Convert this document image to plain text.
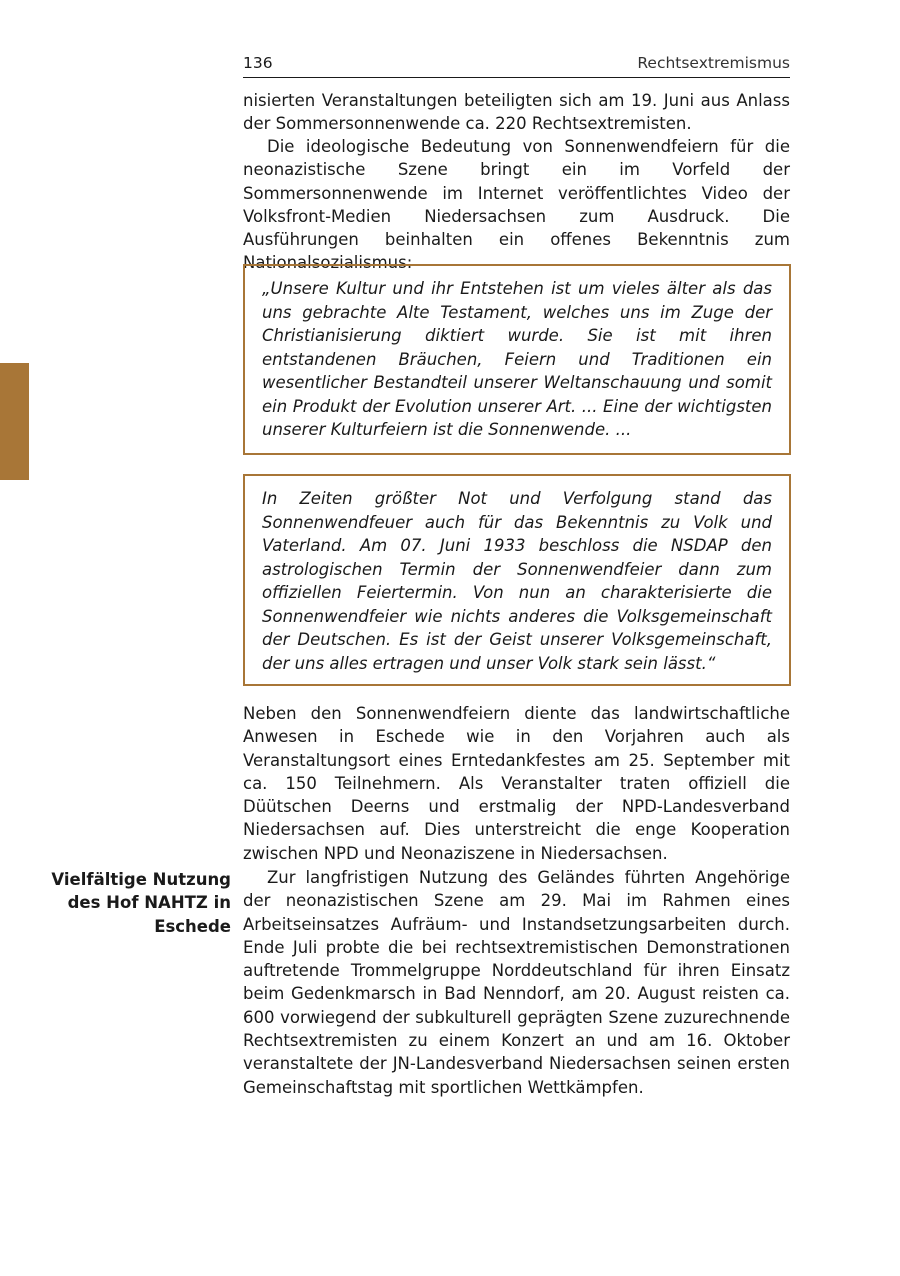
136	Rechtsextremismus

nisierten Veranstaltungen beteiligten sich am 19. Juni aus Anlass der Sommersonnenwende ca. 220 Rechtsextremisten.

Die ideologische Bedeutung von Sonnenwendfeiern für die neonazistische Szene bringt ein im Vorfeld der Sommersonnenwende im Internet veröffentlichtes Video der Volksfront-Medien Niedersachsen zum Ausdruck. Die Ausführungen beinhalten ein offenes Bekenntnis zum Nationalsozialismus:

„Unsere Kultur und ihr Entstehen ist um vieles älter als das uns gebrachte Alte Testament, welches uns im Zuge der Christianisierung diktiert wurde. Sie ist mit ihren entstandenen Bräuchen, Feiern und Traditionen ein wesentlicher Bestandteil unserer Weltanschauung und somit ein Produkt der Evolution unserer Art. ... Eine der wichtigsten unserer Kulturfeiern ist die Sonnenwende. ...

In Zeiten größter Not und Verfolgung stand das Sonnenwendfeuer auch für das Bekenntnis zu Volk und Vaterland. Am 07. Juni 1933 beschloss die NSDAP den astrologischen Termin der Sonnenwendfeier dann zum offiziellen Feiertermin. Von nun an charakterisierte die Sonnenwendfeier wie nichts anderes die Volksgemeinschaft der Deutschen. Es ist der Geist unserer Volksgemeinschaft, der uns alles ertragen und unser Volk stark sein lässt.“

Neben den Sonnenwendfeiern diente das landwirtschaftliche Anwesen in Eschede wie in den Vorjahren auch als Veranstaltungsort eines Erntedankfestes am 25. September mit ca. 150 Teilnehmern. Als Veranstalter traten offiziell die Düütschen Deerns und erstmalig der NPD-Landesverband Niedersachsen auf. Dies unterstreicht die enge Kooperation zwischen NPD und Neonaziszene in Niedersachsen.

Vielfältige Nutzung des Hof NAHTZ in Eschede

Zur langfristigen Nutzung des Geländes führten Angehörige der neonazistischen Szene am 29. Mai im Rahmen eines Arbeitseinsatzes Aufräum- und Instandsetzungsarbeiten durch. Ende Juli probte die bei rechtsextremistischen Demonstrationen auftretende Trommelgruppe Norddeutschland für ihren Einsatz beim Gedenkmarsch in Bad Nenndorf, am 20. August reisten ca. 600 vorwiegend der subkulturell geprägten Szene zuzurechnende Rechtsextremisten zu einem Konzert an und am 16. Oktober veranstaltete der JN-Landesverband Niedersachsen seinen ersten Gemeinschaftstag mit sportlichen Wettkämpfen.
